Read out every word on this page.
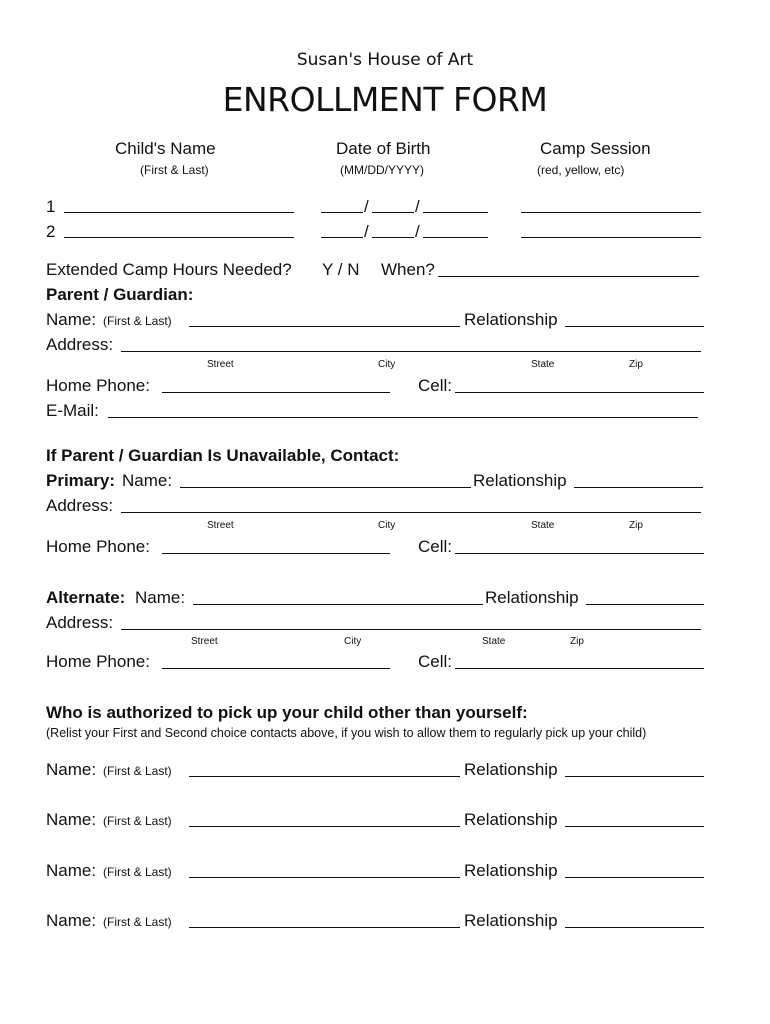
Susan's House of Art
ENROLLMENT FORM
Child's Name
(First & Last)
Date of Birth
(MM/DD/YYYY)
Camp Session
(red, yellow, etc)
1	/	/
2	/	/
Extended Camp Hours Needed? Y / N When?
Parent / Guardian:
Name: (First & Last)	Relationship
Address:
Street	City	State	Zip
Home Phone:	Cell:
E-Mail:
If Parent / Guardian Is Unavailable, Contact:
Primary: Name:	Relationship
Address:
Street	City	State	Zip
Home Phone:	Cell:
Alternate: Name:	Relationship
Address:
Street	City	State	Zip
Home Phone:	Cell:
Who is authorized to pick up your child other than yourself:
(Relist your First and Second choice contacts above, if you wish to allow them to regularly pick up your child)
Name: (First & Last)	Relationship
Name: (First & Last)	Relationship
Name: (First & Last)	Relationship
Name: (First & Last)	Relationship
